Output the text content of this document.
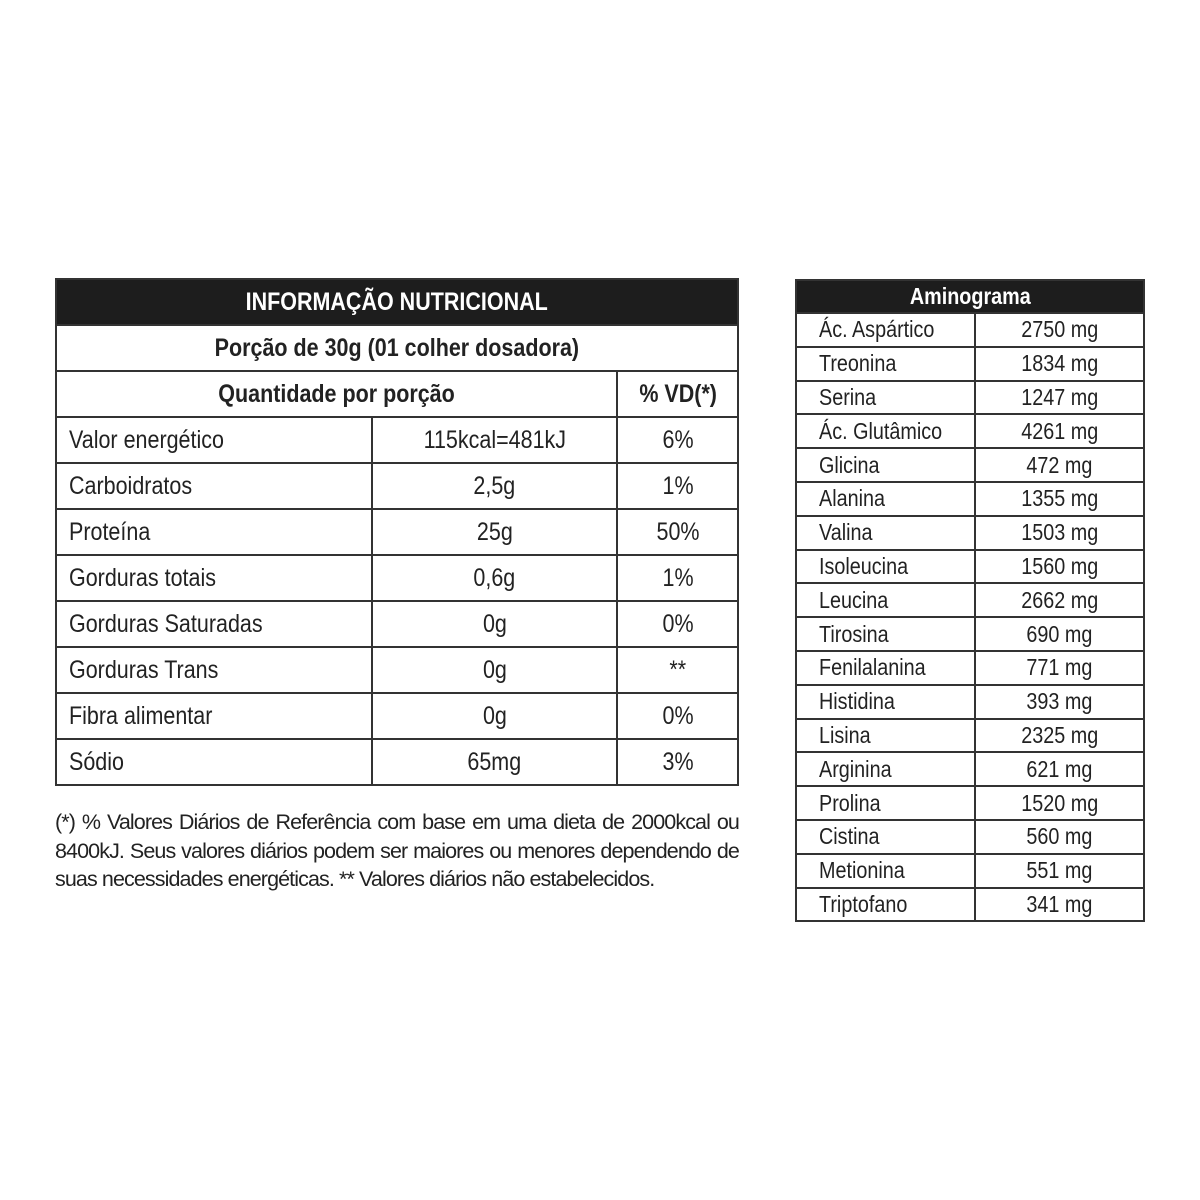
INFORMAÇÃO NUTRICIONAL		
Porção de 30g (01 colher dosadora)		
Quantidade por porção		% VD(*)
Valor energético	115kcal=481kJ	6%
Carboidratos	2,5g	1%
Proteína	25g	50%
Gorduras totais	0,6g	1%
Gorduras Saturadas	0g	0%
Gorduras Trans	0g	**
Fibra alimentar	0g	0%
Sódio	65mg	3%
(*) % Valores Diários de Referência com base em uma dieta de 2000kcal ou 8400kJ. Seus valores diários podem ser maiores ou menores dependendo de suas necessidades energéticas. ** Valores diários não estabelecidos.
Aminograma	
Ác. Aspártico	2750 mg
Treonina	1834 mg
Serina	1247 mg
Ác. Glutâmico	4261 mg
Glicina	472 mg
Alanina	1355 mg
Valina	1503 mg
Isoleucina	1560 mg
Leucina	2662 mg
Tirosina	690 mg
Fenilalanina	771 mg
Histidina	393 mg
Lisina	2325 mg
Arginina	621 mg
Prolina	1520 mg
Cistina	560 mg
Metionina	551 mg
Triptofano	341 mg
